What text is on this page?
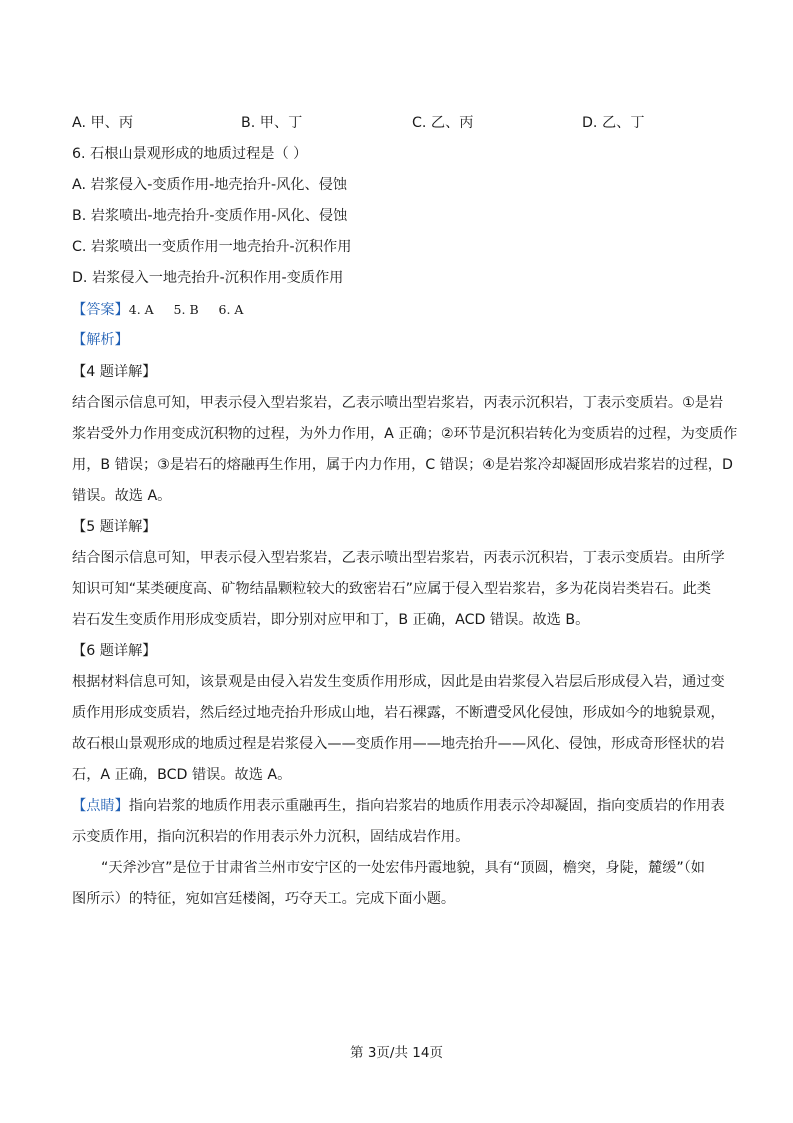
A. 甲、丙	B. 甲、丁	C. 乙、丙	D. 乙、丁
6. 石根山景观形成的地质过程是（ ）
A. 岩浆侵入-变质作用-地壳抬升-风化、侵蚀
B. 岩浆喷出-地壳抬升-变质作用-风化、侵蚀
C. 岩浆喷出一变质作用一地壳抬升-沉积作用
D. 岩浆侵入一地壳抬升-沉积作用-变质作用
【答案】4. A     5. B     6. A
【解析】
【4 题详解】
结合图示信息可知，甲表示侵入型岩浆岩，乙表示喷出型岩浆岩，丙表示沉积岩，丁表示变质岩。①是岩
浆岩受外力作用变成沉积物的过程，为外力作用，A 正确；②环节是沉积岩转化为变质岩的过程，为变质作
用，B 错误；③是岩石的熔融再生作用，属于内力作用，C 错误；④是岩浆冷却凝固形成岩浆岩的过程，D
错误。故选 A。
【5 题详解】
结合图示信息可知，甲表示侵入型岩浆岩，乙表示喷出型岩浆岩，丙表示沉积岩，丁表示变质岩。由所学
知识可知“某类硬度高、矿物结晶颗粒较大的致密岩石”应属于侵入型岩浆岩，多为花岗岩类岩石。此类
岩石发生变质作用形成变质岩，即分别对应甲和丁，B 正确，ACD 错误。故选 B。
【6 题详解】
根据材料信息可知，该景观是由侵入岩发生变质作用形成，因此是由岩浆侵入岩层后形成侵入岩，通过变
质作用形成变质岩，然后经过地壳抬升形成山地，岩石裸露，不断遭受风化侵蚀，形成如今的地貌景观，
故石根山景观形成的地质过程是岩浆侵入——变质作用——地壳抬升——风化、侵蚀，形成奇形怪状的岩
石，A 正确，BCD 错误。故选 A。
【点睛】指向岩浆的地质作用表示重融再生，指向岩浆岩的地质作用表示冷却凝固，指向变质岩的作用表
示变质作用，指向沉积岩的作用表示外力沉积，固结成岩作用。
“天斧沙宫”是位于甘肃省兰州市安宁区的一处宏伟丹霞地貌，具有“顶圆，檐突，身陡，麓缓”（如
图所示）的特征，宛如宫廷楼阁，巧夺天工。完成下面小题。
第 3页/共 14页
